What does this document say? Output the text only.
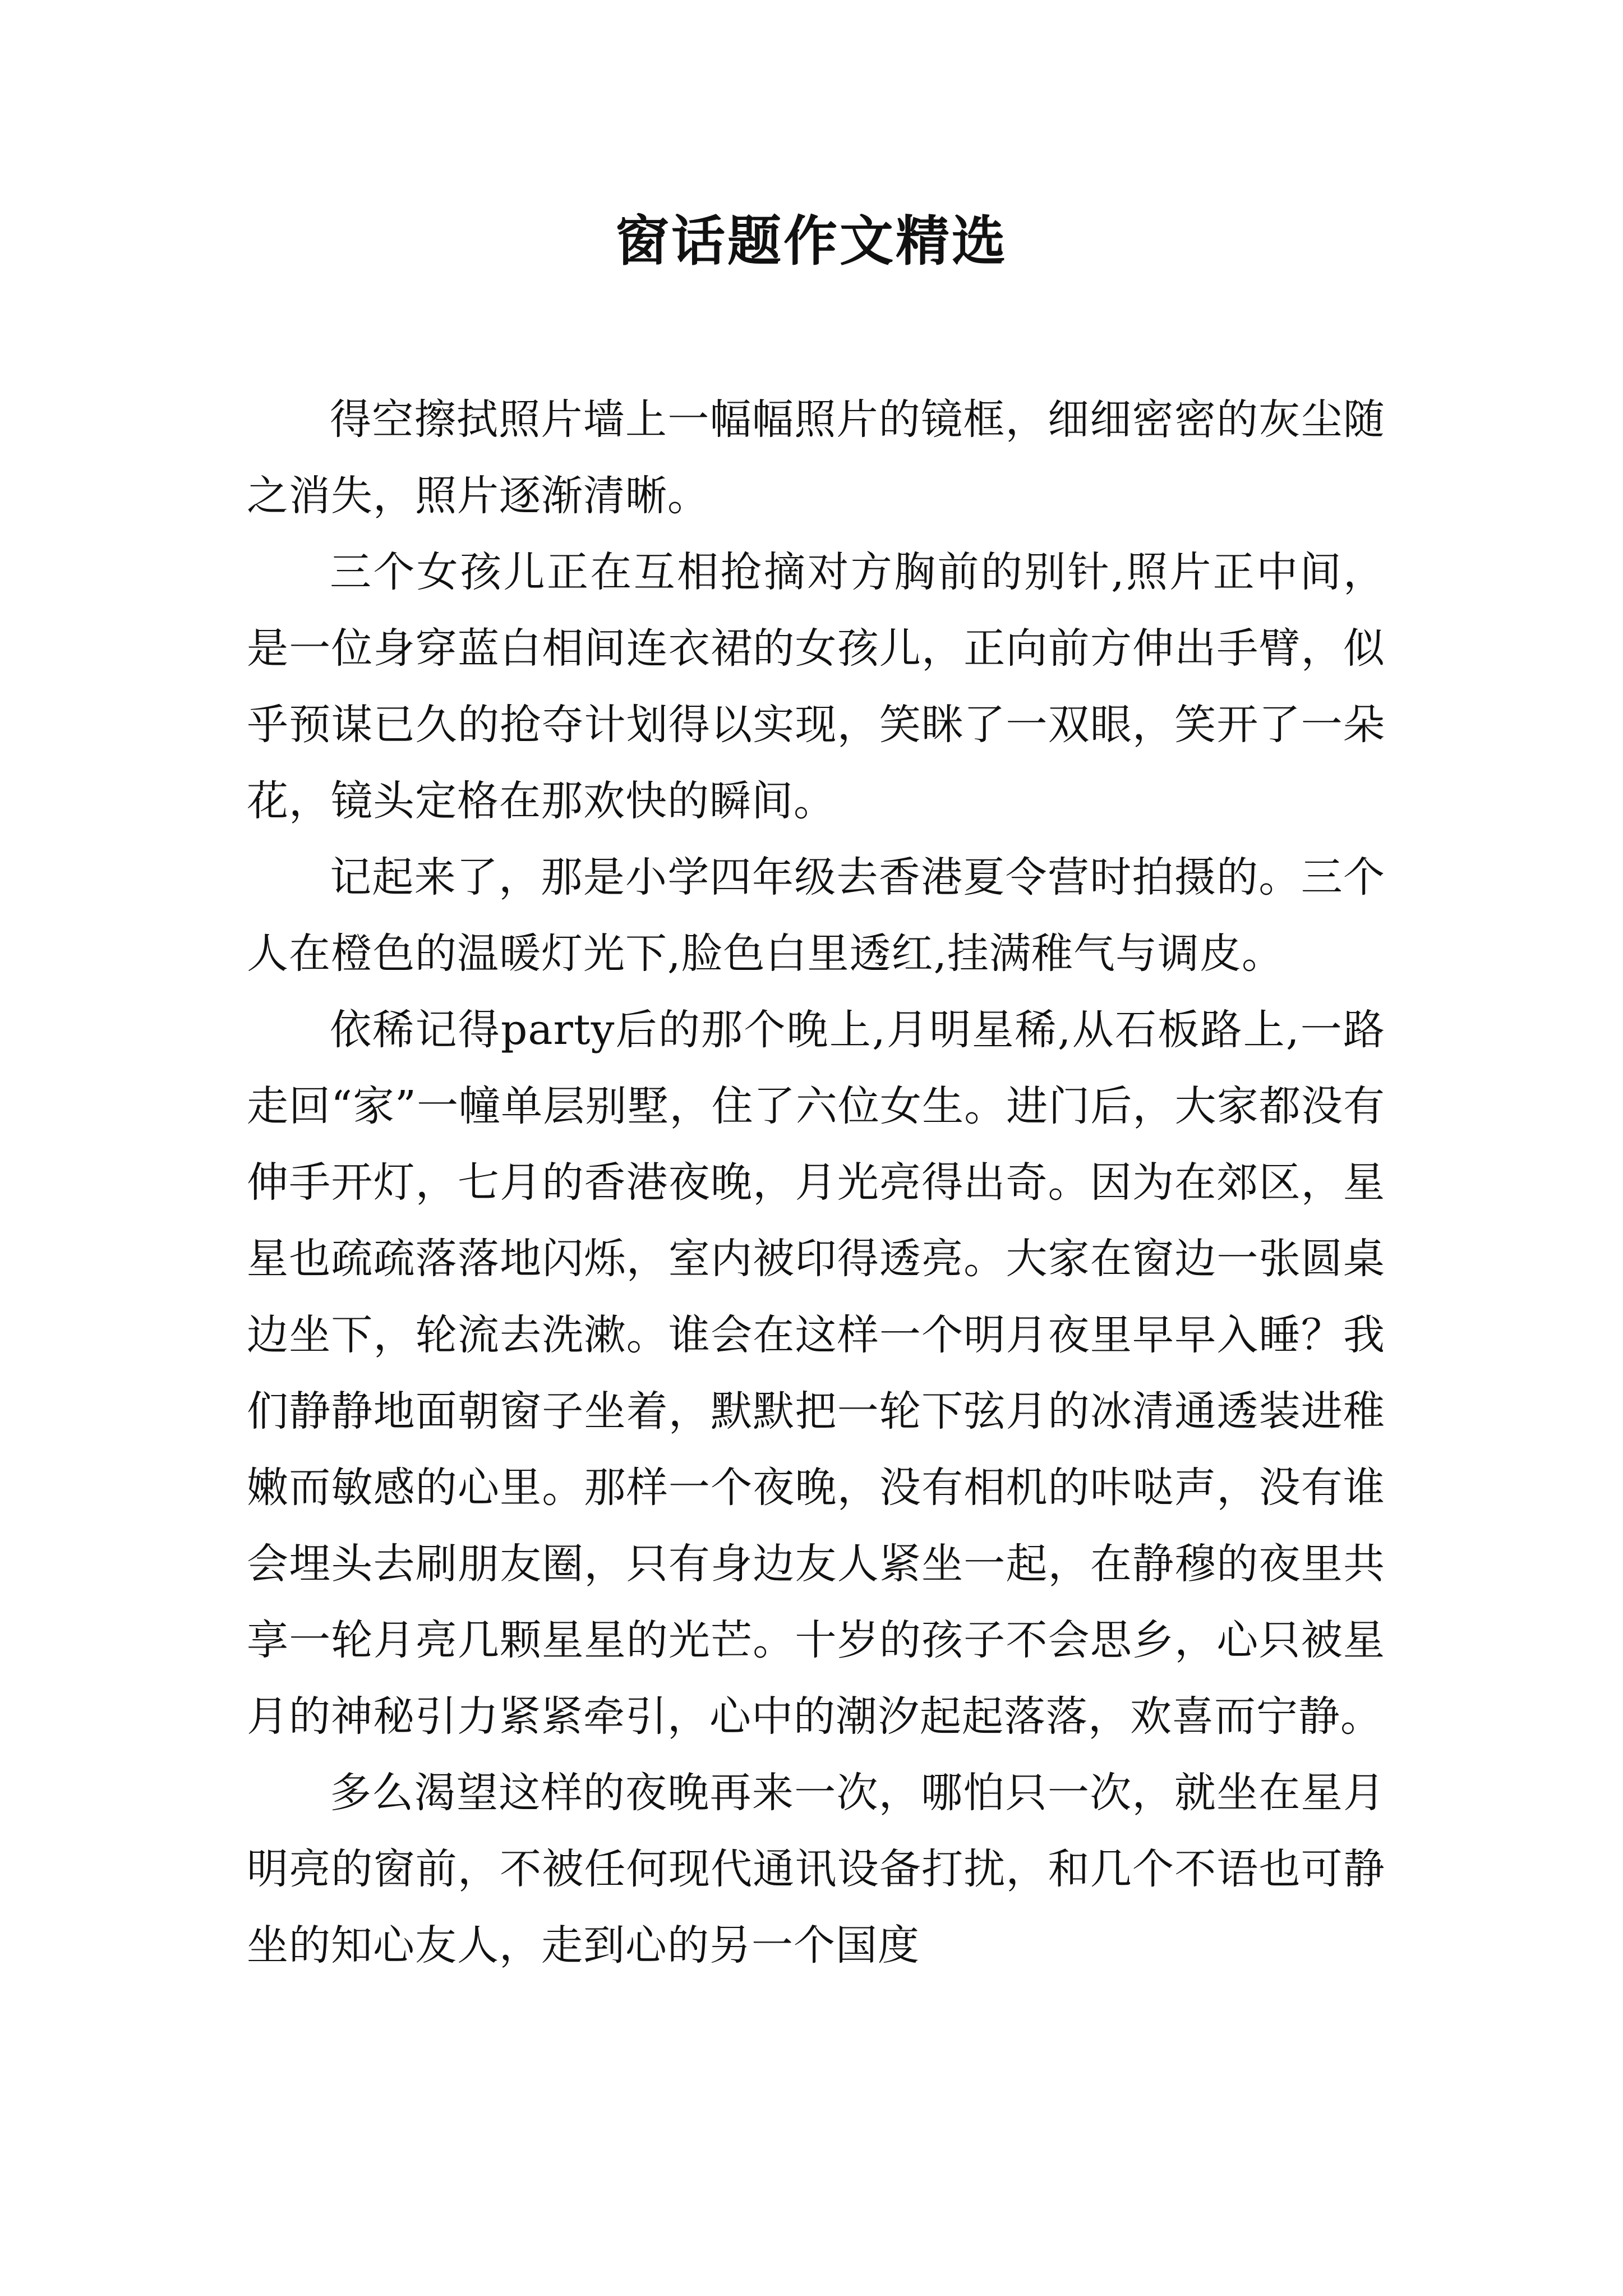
窗话题作文精选

得空擦拭照片墙上一幅幅照片的镜框，细细密密的灰尘随之消失，照片逐渐清晰。

三个女孩儿正在互相抢摘对方胸前的别针,照片正中间，是一位身穿蓝白相间连衣裙的女孩儿，正向前方伸出手臂，似乎预谋已久的抢夺计划得以实现，笑眯了一双眼，笑开了一朵花，镜头定格在那欢快的瞬间。

记起来了，那是小学四年级去香港夏令营时拍摄的。三个人在橙色的温暖灯光下,脸色白里透红,挂满稚气与调皮。

依稀记得party后的那个晚上,月明星稀,从石板路上,一路走回“家”一幢单层别墅，住了六位女生。进门后，大家都没有伸手开灯，七月的香港夜晚，月光亮得出奇。因为在郊区，星星也疏疏落落地闪烁，室内被印得透亮。大家在窗边一张圆桌边坐下，轮流去洗漱。谁会在这样一个明月夜里早早入睡？我们静静地面朝窗子坐着，默默把一轮下弦月的冰清通透装进稚嫩而敏感的心里。那样一个夜晚，没有相机的咔哒声，没有谁会埋头去刷朋友圈，只有身边友人紧坐一起，在静穆的夜里共享一轮月亮几颗星星的光芒。十岁的孩子不会思乡，心只被星月的神秘引力紧紧牵引，心中的潮汐起起落落，欢喜而宁静。

多么渴望这样的夜晚再来一次，哪怕只一次，就坐在星月明亮的窗前，不被任何现代通讯设备打扰，和几个不语也可静坐的知心友人，走到心的另一个国度
